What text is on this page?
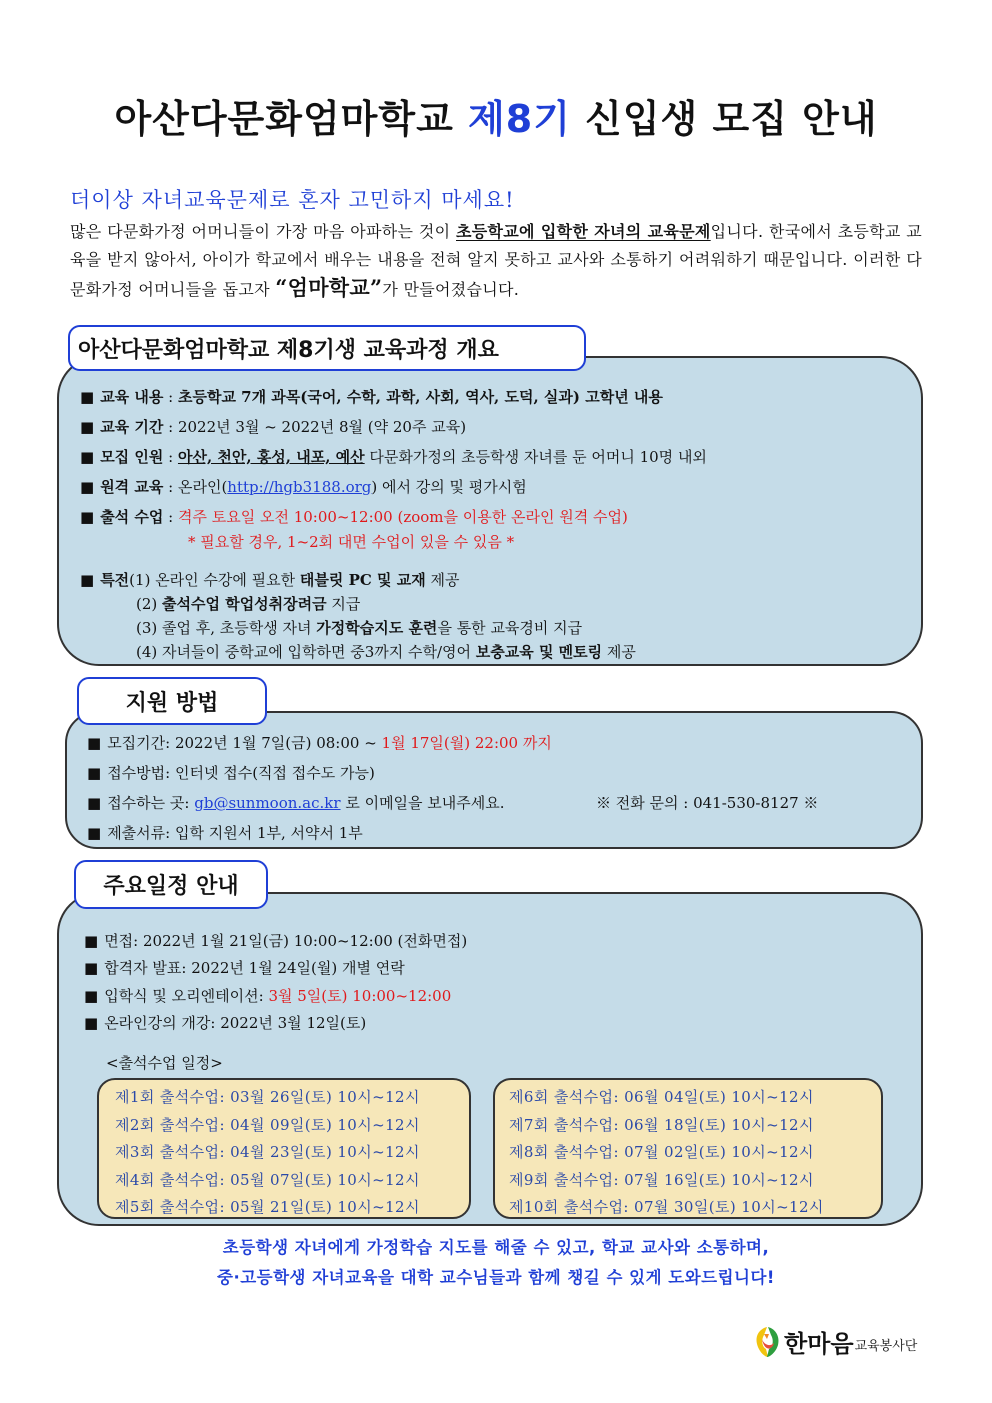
아산다문화엄마학교 제8기 신입생 모집 안내
더이상 자녀교육문제로 혼자 고민하지 마세요!
많은 다문화가정 어머니들이 가장 마음 아파하는 것이 초등학교에 입학한 자녀의 교육문제입니다. 한국에서 초등학교 교육을 받지 않아서, 아이가 학교에서 배우는 내용을 전혀 알지 못하고 교사와 소통하기 어려워하기 때문입니다. 이러한 다문화가정 어머니들을 돕고자 “엄마학교”가 만들어졌습니다.
아산다문화엄마학교 제8기생 교육과정 개요
■ 교육 내용 : 초등학교 7개 과목(국어, 수학, 과학, 사회, 역사, 도덕, 실과) 고학년 내용
■ 교육 기간 : 2022년 3월 ~ 2022년 8월 (약 20주 교육)
■ 모집 인원 : 아산, 천안, 홍성, 내포, 예산 다문화가정의 초등학생 자녀를 둔 어머니 10명 내외
■ 원격 교육 : 온라인(http://hgb3188.org) 에서 강의 및 평가시험
■ 출석 수업 : 격주 토요일 오전 10:00~12:00 (zoom을 이용한 온라인 원격 수업)
* 필요할 경우, 1~2회 대면 수업이 있을 수 있음 *
■ 특전(1) 온라인 수강에 필요한 태블릿 PC 및 교재 제공
(2) 출석수업 학업성취장려금 지급
(3) 졸업 후, 초등학생 자녀 가정학습지도 훈련을 통한 교육경비 지급
(4) 자녀들이 중학교에 입학하면 중3까지 수학/영어 보충교육 및 멘토링 제공
지원 방법
■ 모집기간: 2022년 1월 7일(금) 08:00 ~ 1월 17일(월) 22:00 까지
■ 접수방법: 인터넷 접수(직접 접수도 가능)
■ 접수하는 곳: gb@sunmoon.ac.kr 로 이메일을 보내주세요.	※ 전화 문의 : 041-530-8127 ※
■ 제출서류: 입학 지원서 1부, 서약서 1부
주요일정 안내
■ 면접: 2022년 1월 21일(금) 10:00~12:00 (전화면접)
■ 합격자 발표: 2022년 1월 24일(월) 개별 연락
■ 입학식 및 오리엔테이션: 3월 5일(토) 10:00~12:00
■ 온라인강의 개강: 2022년 3월 12일(토)
<출석수업 일정>
제1회 출석수업: 03월 26일(토) 10시~12시
제2회 출석수업: 04월 09일(토) 10시~12시
제3회 출석수업: 04월 23일(토) 10시~12시
제4회 출석수업: 05월 07일(토) 10시~12시
제5회 출석수업: 05월 21일(토) 10시~12시
제6회 출석수업: 06월 04일(토) 10시~12시
제7회 출석수업: 06월 18일(토) 10시~12시
제8회 출석수업: 07월 02일(토) 10시~12시
제9회 출석수업: 07월 16일(토) 10시~12시
제10회 출석수업: 07월 30일(토) 10시~12시
초등학생 자녀에게 가정학습 지도를 해줄 수 있고, 학교 교사와 소통하며,
중·고등학생 자녀교육을 대학 교수님들과 함께 챙길 수 있게 도와드립니다!
한마음 교육봉사단
